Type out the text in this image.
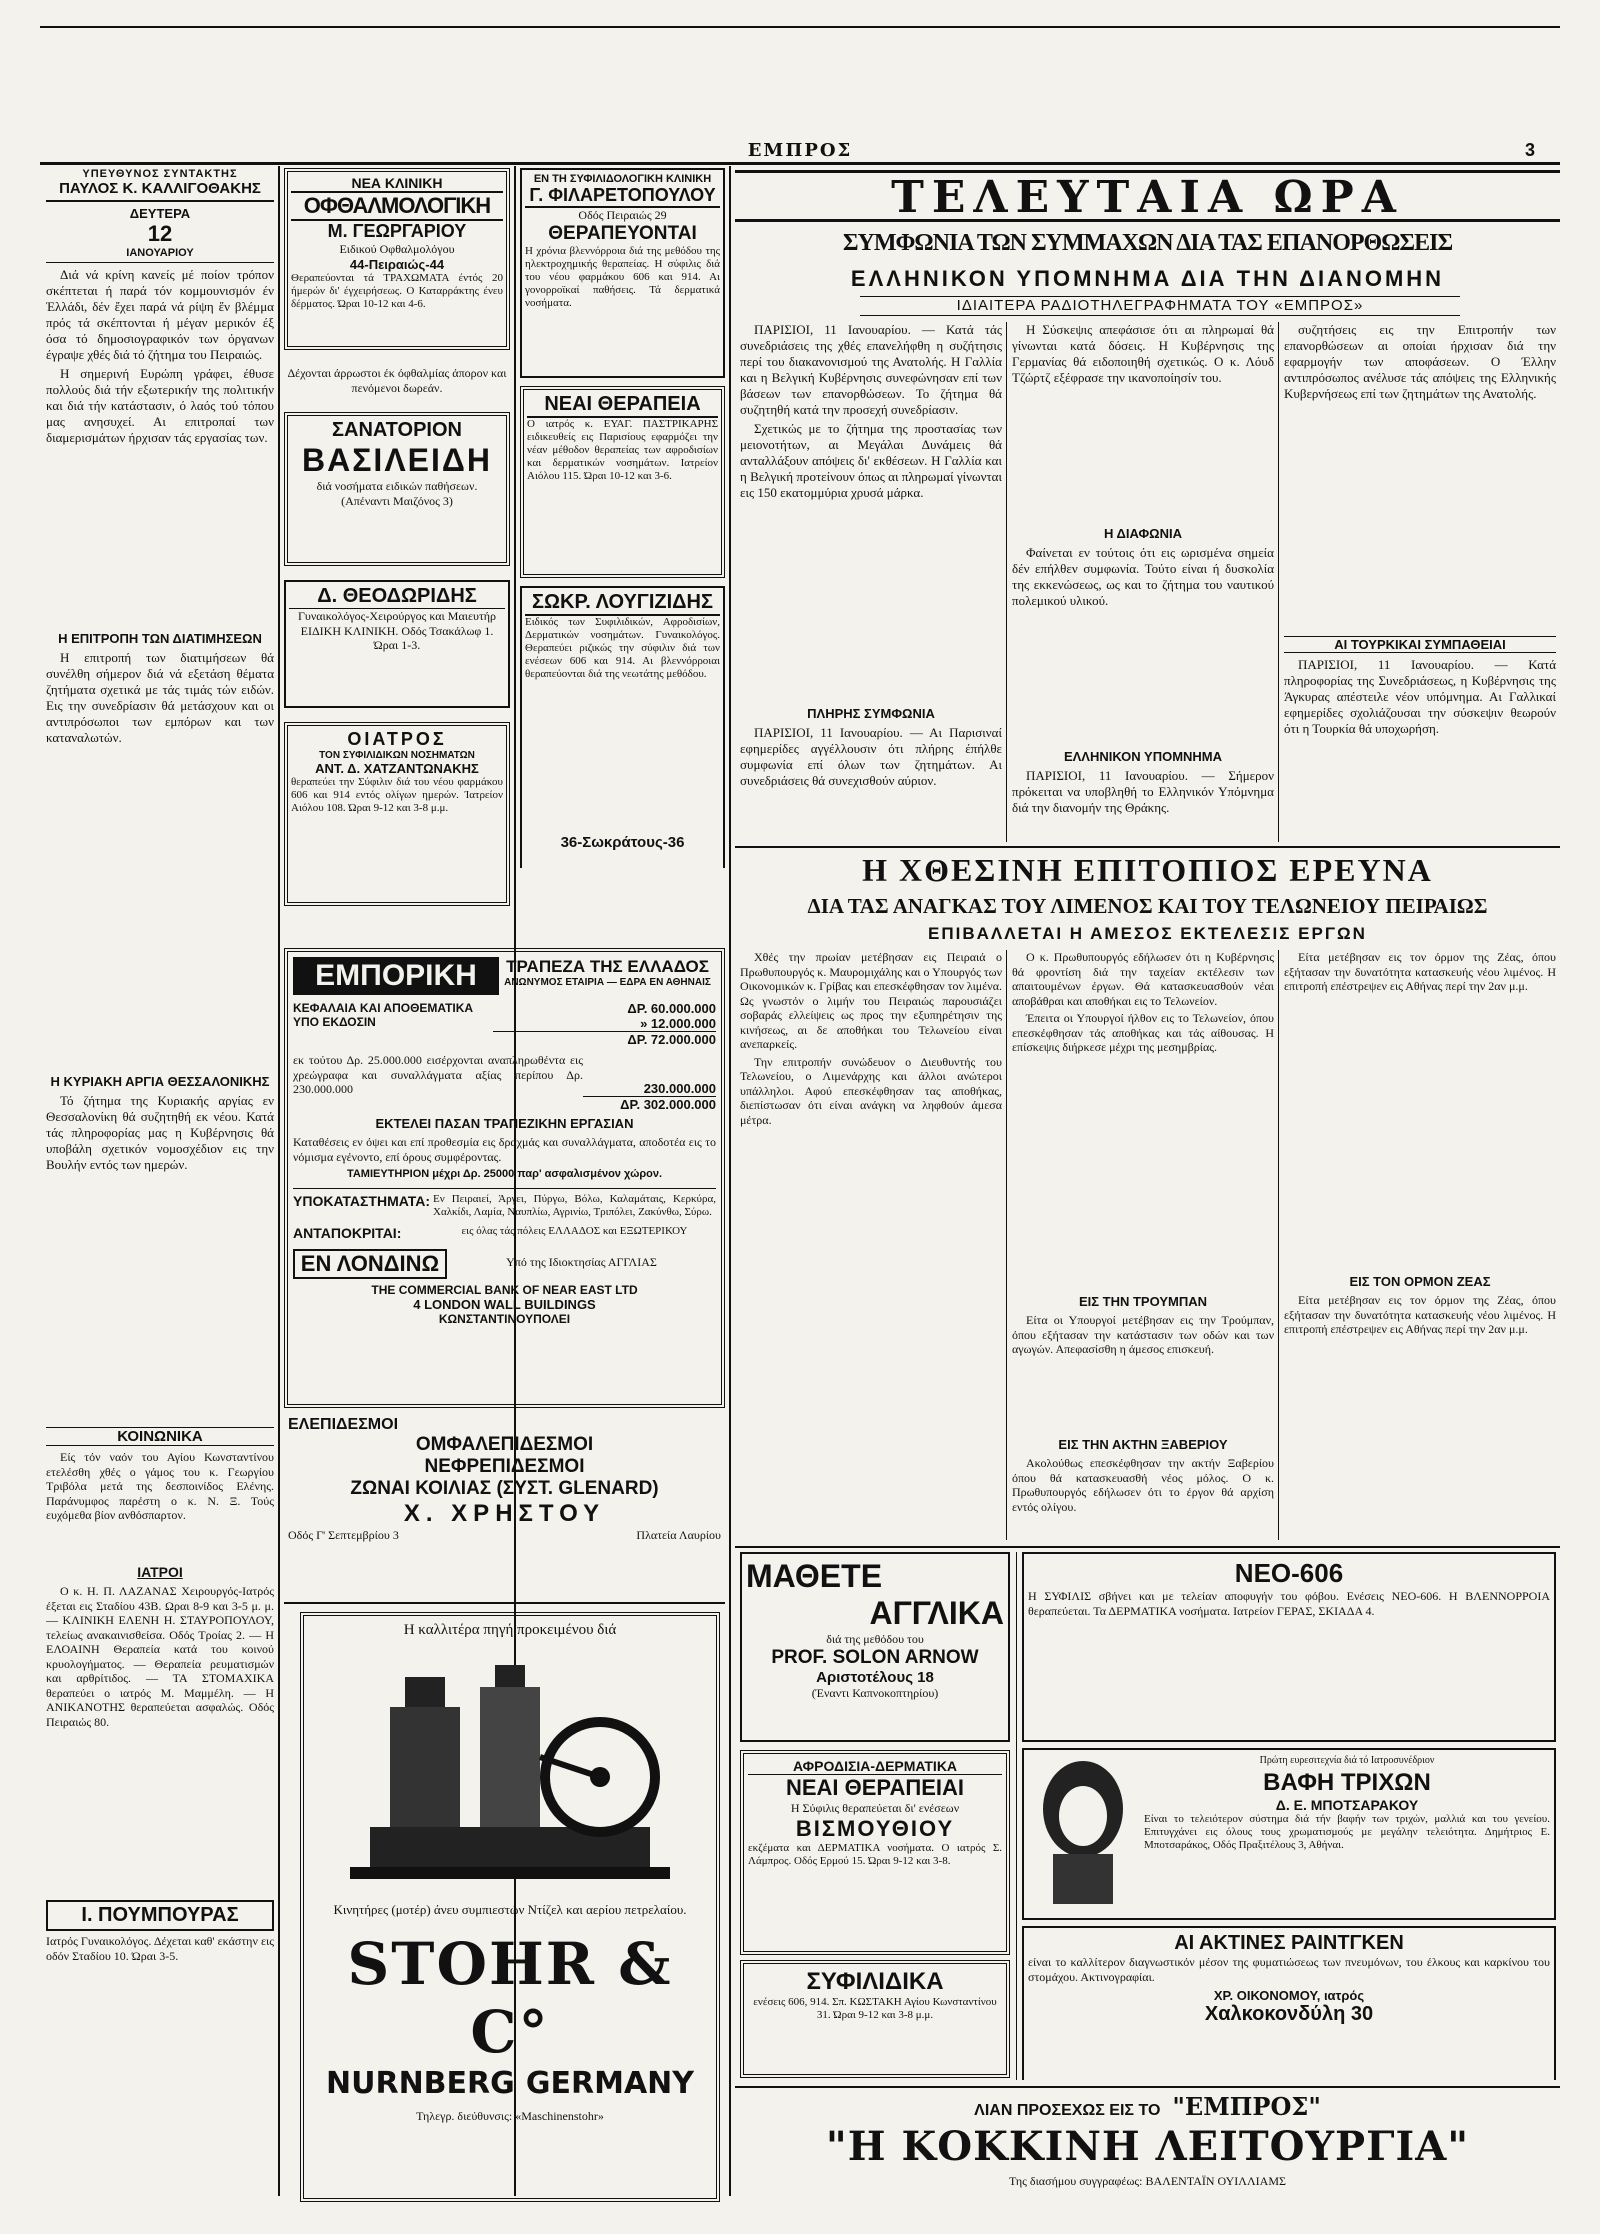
ΕΜΠΡΟΣ	3
ΥΠΕΥΘΥΝΟΣ ΣΥΝΤΑΚΤΗΣ
ΠΑΥΛΟΣ Κ. ΚΑΛΛΙΓΟΘΑΚΗΣ
ΔΕΥΤΕΡΑ
12
ΙΑΝΟΥΑΡΙΟΥ

Διά νά κρίνη κανείς μέ ποίον τρόπον σκέπτεται ή παρά τόν κομμουνισμόν έν Έλλάδι, δέν ἔχει παρά νά ρίψη ἕν βλέμμα πρός τά σκέπτονται ή μέγαν μερικόν έξ όσα τό δημοσιογραφικόν των όργανων έγραψε χθές διά τό ζήτημα του Πειραιώς.

Η σημερινή Ευρώπη γράφει, έθυσε πολλούς διά τήν εξωτερικήν της πολιτικήν και διά τήν κατάστασιν, ό λαός τού τόπου μας ανησυχεί. Αι επιτροπαί των διαμερισμάτων ήρχισαν τάς εργασίας των.

Η ΕΠΙΤΡΟΠΗ ΤΩΝ ΔΙΑΤΙΜΗΣΕΩΝ

Η επιτροπή των διατιμήσεων θά συνέλθη σήμερον διά νά εξετάση θέματα ζητήματα σχετικά με τάς τιμάς τών ειδών. Εις την συνεδρίασιν θά μετάσχουν και οι αντιπρόσωποι των εμπόρων και των καταναλωτών.

Η ΚΥΡΙΑΚΗ ΑΡΓΙΑ ΘΕΣΣΑΛΟΝΙΚΗΣ

Τό ζήτημα της Κυριακής αργίας εν Θεσσαλονίκη θά συζητηθή εκ νέου. Κατά τάς πληροφορίας μας η Κυβέρνησις θά υποβάλη σχετικόν νομοσχέδιον εις την Βουλήν εντός των ημερών.

ΚΟΙΝΩΝΙΚΑ

Είς τόν ναόν του Αγίου Κωνσταντίνου ετελέσθη χθές ο γάμος του κ. Γεωργίου Τριβόλα μετά της δεσποινίδος Ελένης. Παράνυμφος παρέστη ο κ. Ν. Ξ. Τούς ευχόμεθα βίον ανθόσπαρτον.

ΙΑΤΡΟΙ

Ο κ. Η. Π. ΛΑΖΑΝΑΣ Χειρουργός-Ιατρός έξεται εις Σταδίου 43Β. Ωραι 8-9 και 3-5 μ. μ. — ΚΛΙΝΙΚΗ ΕΛΕΝΗ Η. ΣΤΑΥΡΟΠΟΥΛΟΥ, τελείως ανακαινισθείσα. Οδός Τροίας 2. — Η ΕΛΟΑΙΝΗ Θεραπεία κατά του κοινού κρυολογήματος. — Θεραπεία ρευματισμών και αρθρίτιδος. — ΤΑ ΣΤΟΜΑΧΙΚΑ θεραπεύει ο ιατρός Μ. Μαμμέλη. — Η ΑΝΙΚΑΝΟΤΗΣ θεραπεύεται ασφαλώς. Οδός Πειραιώς 80.

Ι. ΠΟΥΜΠΟΥΡΑΣ
Ιατρός Γυναικολόγος. Δέχεται καθ' εκάστην εις οδόν Σταδίου 10. Ώραι 3-5.
ΝΕΑ ΚΛΙΝΙΚΗ
ΟΦΘΑΛΜΟΛΟΓΙΚΗ
Μ. ΓΕΩΡΓΑΡΙΟΥ
Ειδικού Οφθαλμολόγου
44-Πειραιώς-44
Θεραπεύονται τά ΤΡΑΧΩΜΑΤΑ έντός 20 ήμερών δι' έγχειρήσεως. Ο Καταρράκτης ένευ δέρματος. Ώραι 10-12 και 4-6.
Δέχονται άρρωστοι έκ όφθαλμίας άπορον και πενόμενοι δωρεάν.
ΣΑΝΑΤΟΡΙΟΝ
ΒΑΣΙΛΕΙΔΗ
διά νοσήματα ειδικών παθήσεων. (Απέναντι Μαιζόνος 3)
Δ. ΘΕΟΔΩΡΙΔΗΣ
Γυναικολόγος-Χειρούργος και Μαιευτήρ ΕΙΔΙΚΗ ΚΛΙΝΙΚΗ. Οδός Τσακάλωφ 1. Ώραι 1-3.
ΟΙΑΤΡΟΣ
ΤΟΝ ΣΥΦΙΛΙΔΙΚΩΝ ΝΟΣΗΜΑΤΩΝ
ΑΝΤ. Δ. ΧΑΤΖΑΝΤΩΝΑΚΗΣ
θεραπεύει την Σύφιλιν διά του νέου φαρμάκου 606 και 914 εντός ολίγων ημερών. Ίατρείον Αιόλου 108. Ώραι 9-12 και 3-8 μ.μ.
ΕΝ ΤΗ ΣΥΦΙΛΙΔΟΛΟΓΙΚΗ ΚΛΙΝΙΚΗ
Γ. ΦΙΛΑΡΕΤΟΠΟΥΛΟΥ
Οδός Πειραιώς 29
ΘΕΡΑΠΕΥΟΝΤΑΙ
Η χρόνια βλεννόρροια διά της μεθόδου της ηλεκτροχημικής θεραπείας. Η σύφιλις διά του νέου φαρμάκου 606 και 914. Αι γονορροϊκαί παθήσεις. Τά δερματικά νοσήματα.
ΝΕΑΙ ΘΕΡΑΠΕΙΑ
Ο ιατρός κ. ΕΥΑΓ. ΠΑΣΤΡΙΚΑΡΗΣ ειδικευθείς εις Παρισίους εφαρμόζει την νέαν μέθοδον θεραπείας των αφροδισίων και δερματικών νοσημάτων. Ιατρείον Αιόλου 115. Ώραι 10-12 και 3-6.
ΣΩΚΡ. ΛΟΥΓΙΖΙΔΗΣ
Ειδικός των Συφιλιδικών, Αφροδισίων, Δερματικών νοσημάτων. Γυναικολόγος. Θεραπεύει ριζικώς την σύφιλιν διά των ενέσεων 606 και 914. Αι βλεννόρροιαι θεραπεύονται διά της νεωτάτης μεθόδου.
36-Σωκράτους-36
ΕΜΠΟΡΙΚΗ	ΤΡΑΠΕΖΑ ΤΗΣ ΕΛΛΑΔΟΣ
ΑΝΩΝΥΜΟΣ ΕΤΑΙΡΙΑ — ΕΔΡΑ ΕΝ ΑΘΗΝΑΙΣ
ΚΕΦΑΛΑΙΑ ΚΑΙ ΑΠΟΘΕΜΑΤΙΚΑ ΥΠΟ ΕΚΔΟΣΙΝ
ΔΡ. 60.000.000
» 12.000.000
ΔΡ. 72.000.000
εκ τούτου Δρ. 25.000.000 εισέρχονται αναπληρωθέντα εις χρεώγραφα και συναλλάγματα αξίας περίπου Δρ. 230.000.000	230.000.000
ΔΡ. 302.000.000
ΕΚΤΕΛΕΙ ΠΑΣΑΝ ΤΡΑΠΕΖΙΚΗΝ ΕΡΓΑΣΙΑΝ
Καταθέσεις εν όψει και επί προθεσμία εις δραχμάς και συναλλάγματα, αποδοτέα εις το νόμισμα εγένοντο, επί όρους συμφέροντας.
ΤΑΜΙΕΥΤΗΡΙΟΝ μέχρι Δρ. 25000 παρ' ασφαλισμένον χώρον.
ΥΠΟΚΑΤΑΣΤΗΜΑΤΑ: Εν Πειραιεί, Άργει, Πύργω, Βόλω, Καλαμάταις, Κερκύρα, Χαλκίδι, Λαμία, Ναυπλίω, Αγρινίω, Τριπόλει, Ζακύνθω, Σύρω.
ΑΝΤΑΠΟΚΡΙΤΑΙ:	εις όλας τάς πόλεις ΕΛΛΑΔΟΣ και ΕΞΩΤΕΡΙΚΟΥ
ΕΝ ΛΟΝΔΙΝΩ	Υπό της Ιδιοκτησίας ΑΓΓΛΙΑΣ
THE COMMERCIAL BANK OF NEAR EAST LTD
4 LONDON WALL BUILDINGS
ΚΩΝΣΤΑΝΤΙΝΟΥΠΟΛΕΙ
ΕΛΕΠΙΔΕΣΜΟΙ
ΟΜΦΑΛΕΠΙΔΕΣΜΟΙ
ΝΕΦΡΕΠΙΔΕΣΜΟΙ
ΖΩΝΑΙ ΚΟΙΛΙΑΣ (ΣΥΣΤ. GLENARD)
Χ. ΧΡΗΣΤΟΥ
Οδός Γ' Σεπτεμβρίου 3	Πλατεία Λαυρίου
Η καλλιτέρα πηγή προκειμένου διά
Κινητήρες (μοτέρ) άνευ συμπιεστών Ντίζελ και αερίου πετρελαίου.
STOHR & C°
NURNBERG GERMANY
Τηλεγρ. διεύθυνσις: «Maschinenstohr»
ΤΕΛΕΥΤΑΙΑ ΩΡΑ
ΣΥΜΦΩΝΙΑ ΤΩΝ ΣΥΜΜΑΧΩΝ ΔΙΑ ΤΑΣ ΕΠΑΝΟΡΘΩΣΕΙΣ
ΕΛΛΗΝΙΚΟΝ ΥΠΟΜΝΗΜΑ ΔΙΑ ΤΗΝ ΔΙΑΝΟΜΗΝ
ΙΔΙΑΙΤΕΡΑ ΡΑΔΙΟΤΗΛΕΓΡΑΦΗΜΑΤΑ ΤΟΥ «ΕΜΠΡΟΣ»

ΠΑΡΙΣΙΟΙ, 11 Ιανουαρίου. — Κατά τάς συνεδριάσεις της χθές επανελήφθη η συζήτησις περί του διακανονισμού της Ανατολής. Η Γαλλία και η Βελγική Κυβέρνησις συνεφώνησαν επί των βάσεων των επανορθώσεων. Το ζήτημα θά συζητηθή κατά την προσεχή συνεδρίασιν.

Σχετικώς με το ζήτημα της προστασίας των μειονοτήτων, αι Μεγάλαι Δυνάμεις θά ανταλλάξουν απόψεις δι' εκθέσεων. Η Γαλλία και η Βελγική προτείνουν όπως αι πληρωμαί γίνωνται εις 150 εκατομμύρια χρυσά μάρκα.

ΠΛΗΡΗΣ ΣΥΜΦΩΝΙΑ

ΠΑΡΙΣΙΟΙ, 11 Ιανουαρίου. — Αι Παρισιναί εφημερίδες αγγέλλουσιν ότι πλήρης έπήλθε συμφωνία επί όλων των ζητημάτων. Αι συνεδριάσεις θά συνεχισθούν αύριον.

Η Σύσκεψις απεφάσισε ότι αι πληρωμαί θά γίνωνται κατά δόσεις. Η Κυβέρνησις της Γερμανίας θά ειδοποιηθή σχετικώς. Ο κ. Λόυδ Τζώρτζ εξέφρασε την ικανοποίησίν του.

Η ΔΙΑΦΩΝΙΑ

Φαίνεται εν τούτοις ότι εις ωρισμένα σημεία δέν επήλθεν συμφωνία. Τούτο είναι ή δυσκολία της εκκενώσεως, ως και το ζήτημα του ναυτικού πολεμικού υλικού.

ΕΛΛΗΝΙΚΟΝ ΥΠΟΜΝΗΜΑ

ΠΑΡΙΣΙΟΙ, 11 Ιανουαρίου. — Σήμερον πρόκειται να υποβληθή το Ελληνικόν Υπόμνημα διά την διανομήν της Θράκης.

συζητήσεις εις την Επιτροπήν των επανορθώσεων αι οποίαι ήρχισαν διά την εφαρμογήν των αποφάσεων. Ο Έλλην αντιπρόσωπος ανέλυσε τάς απόψεις της Ελληνικής Κυβερνήσεως επί των ζητημάτων της Ανατολής.

ΑΙ ΤΟΥΡΚΙΚΑΙ ΣΥΜΠΑΘΕΙΑΙ

ΠΑΡΙΣΙΟΙ, 11 Ιανουαρίου. — Κατά πληροφορίας της Συνεδριάσεως, η Κυβέρνησις της Άγκυρας απέστειλε νέον υπόμνημα. Αι Γαλλικαί εφημερίδες σχολιάζουσαι την σύσκεψιν θεωρούν ότι η Τουρκία θά υποχωρήση.

Η ΧΘΕΣΙΝΗ ΕΠΙΤΟΠΙΟΣ ΕΡΕΥΝΑ
ΔΙΑ ΤΑΣ ΑΝΑΓΚΑΣ ΤΟΥ ΛΙΜΕΝΟΣ ΚΑΙ ΤΟΥ ΤΕΛΩΝΕΙΟΥ ΠΕΙΡΑΙΩΣ
ΕΠΙΒΑΛΛΕΤΑΙ Η ΑΜΕΣΟΣ ΕΚΤΕΛΕΣΙΣ ΕΡΓΩΝ

Χθές την πρωίαν μετέβησαν εις Πειραιά ο Πρωθυπουργός κ. Μαυρομιχάλης και ο Υπουργός των Οικονομικών κ. Γρίβας και επεσκέφθησαν τον λιμένα. Ως γνωστόν ο λιμήν του Πειραιώς παρουσιάζει σοβαράς ελλείψεις ως προς την εξυπηρέτησιν της κινήσεως, αι δε αποθήκαι του Τελωνείου είναι ανεπαρκείς.

Την επιτροπήν συνώδευον ο Διευθυντής του Τελωνείου, ο Λιμενάρχης και άλλοι ανώτεροι υπάλληλοι. Αφού επεσκέφθησαν τας αποθήκας, διεπίστωσαν ότι είναι ανάγκη να ληφθούν άμεσα μέτρα.

Ο κ. Πρωθυπουργός εδήλωσεν ότι η Κυβέρνησις θά φροντίση διά την ταχείαν εκτέλεσιν των απαιτουμένων έργων. Θά κατασκευασθούν νέαι αποβάθραι και αποθήκαι εις το Τελωνείον.

Έπειτα οι Υπουργοί ήλθον εις το Τελωνείον, όπου επεσκέφθησαν τάς αποθήκας και τάς αίθουσας. Η επίσκεψις διήρκεσε μέχρι της μεσημβρίας.

ΕΙΣ ΤΗΝ ΤΡΟΥΜΠΑΝ

Είτα οι Υπουργοί μετέβησαν εις την Τρούμπαν, όπου εξήτασαν την κατάστασιν των οδών και των αγωγών. Απεφασίσθη η άμεσος επισκευή.

ΕΙΣ ΤΗΝ ΑΚΤΗΝ ΞΑΒΕΡΙΟΥ

Ακολούθως επεσκέφθησαν την ακτήν Ξαβερίου όπου θά κατασκευασθή νέος μόλος. Ο κ. Πρωθυπουργός εδήλωσεν ότι το έργον θά αρχίση εντός ολίγου.

Είτα μετέβησαν εις τον όρμον της Ζέας, όπου εξήτασαν την δυνατότητα κατασκευής νέου λιμένος. Η επιτροπή επέστρεψεν εις Αθήνας περί την 2αν μ.μ.

ΕΙΣ ΤΟΝ ΟΡΜΟΝ ΖΕΑΣ

Είτα μετέβησαν εις τον όρμον της Ζέας, όπου εξήτασαν την δυνατότητα κατασκευής νέου λιμένος. Η επιτροπή επέστρεψεν εις Αθήνας περί την 2αν μ.μ.

ΜΑΘΕΤΕ
ΑΓΓΛΙΚΑ
διά της μεθόδου του
PROF. SOLON ARNOW
Αριστοτέλους 18
(Έναντι Καπνοκοπτηρίου)
ΑΦΡΟΔΙΣΙΑ-ΔΕΡΜΑΤΙΚΑ
ΝΕΑΙ ΘΕΡΑΠΕΙΑΙ
Η Σύφιλις θεραπεύεται δι' ενέσεων
ΒΙΣΜΟΥΘΙΟΥ
εκζέματα και ΔΕΡΜΑΤΙΚΑ νοσήματα. Ο ιατρός Σ. Λάμπρος. Οδός Ερμού 15. Ώραι 9-12 και 3-8.
ΣΥΦΙΛΙΔΙΚΑ
ενέσεις 606, 914. Σπ. ΚΩΣΤΑΚΗ Αγίου Κωνσταντίνου 31. Ώραι 9-12 και 3-8 μ.μ.
ΝΕΟ-606
Η ΣΥΦΙΛΙΣ σβήνει και με τελείαν αποφυγήν του φόβου. Ενέσεις ΝΕΟ-606. Η ΒΛΕΝΝΟΡΡΟΙΑ θεραπεύεται. Τα ΔΕΡΜΑΤΙΚΑ νοσήματα. Ιατρείον ΓΕΡΑΣ, ΣΚΙΑΔΑ 4.
Πρώτη ευρεσιτεχνία διά τό Ιατροσυνέδριον
ΒΑΦΗ ΤΡΙΧΩΝ
Δ. Ε. ΜΠΟΤΣΑΡΑΚΟΥ
Είναι το τελειότερον σύστημα διά τήν βαφήν των τριχών, μαλλιά και του γενείου. Επιτυγχάνει εις όλους τους χρωματισμούς με μεγάλην τελειότητα. Δημήτριος Ε. Μποτσαράκος, Οδός Πραξιτέλους 3, Αθήναι.
ΑΙ ΑΚΤΙΝΕΣ ΡΑΙΝΤΓΚΕΝ
είναι το καλλίτερον διαγνωστικόν μέσον της φυματιώσεως των πνευμόνων, του έλκους και καρκίνου του στομάχου. Ακτινογραφίαι.
ΧΡ. ΟΙΚΟΝΟΜΟΥ, ιατρός
Χαλκοκονδύλη 30
ΛΙΑΝ ΠΡΟΣΕΧΩΣ ΕΙΣ ΤΟ "ΕΜΠΡΟΣ"
"Η ΚΟΚΚΙΝΗ ΛΕΙΤΟΥΡΓΙΑ"
Της διασήμου συγγραφέως: ΒΑΛΕΝΤΑΪΝ ΟΥΙΛΛΙΑΜΣ
